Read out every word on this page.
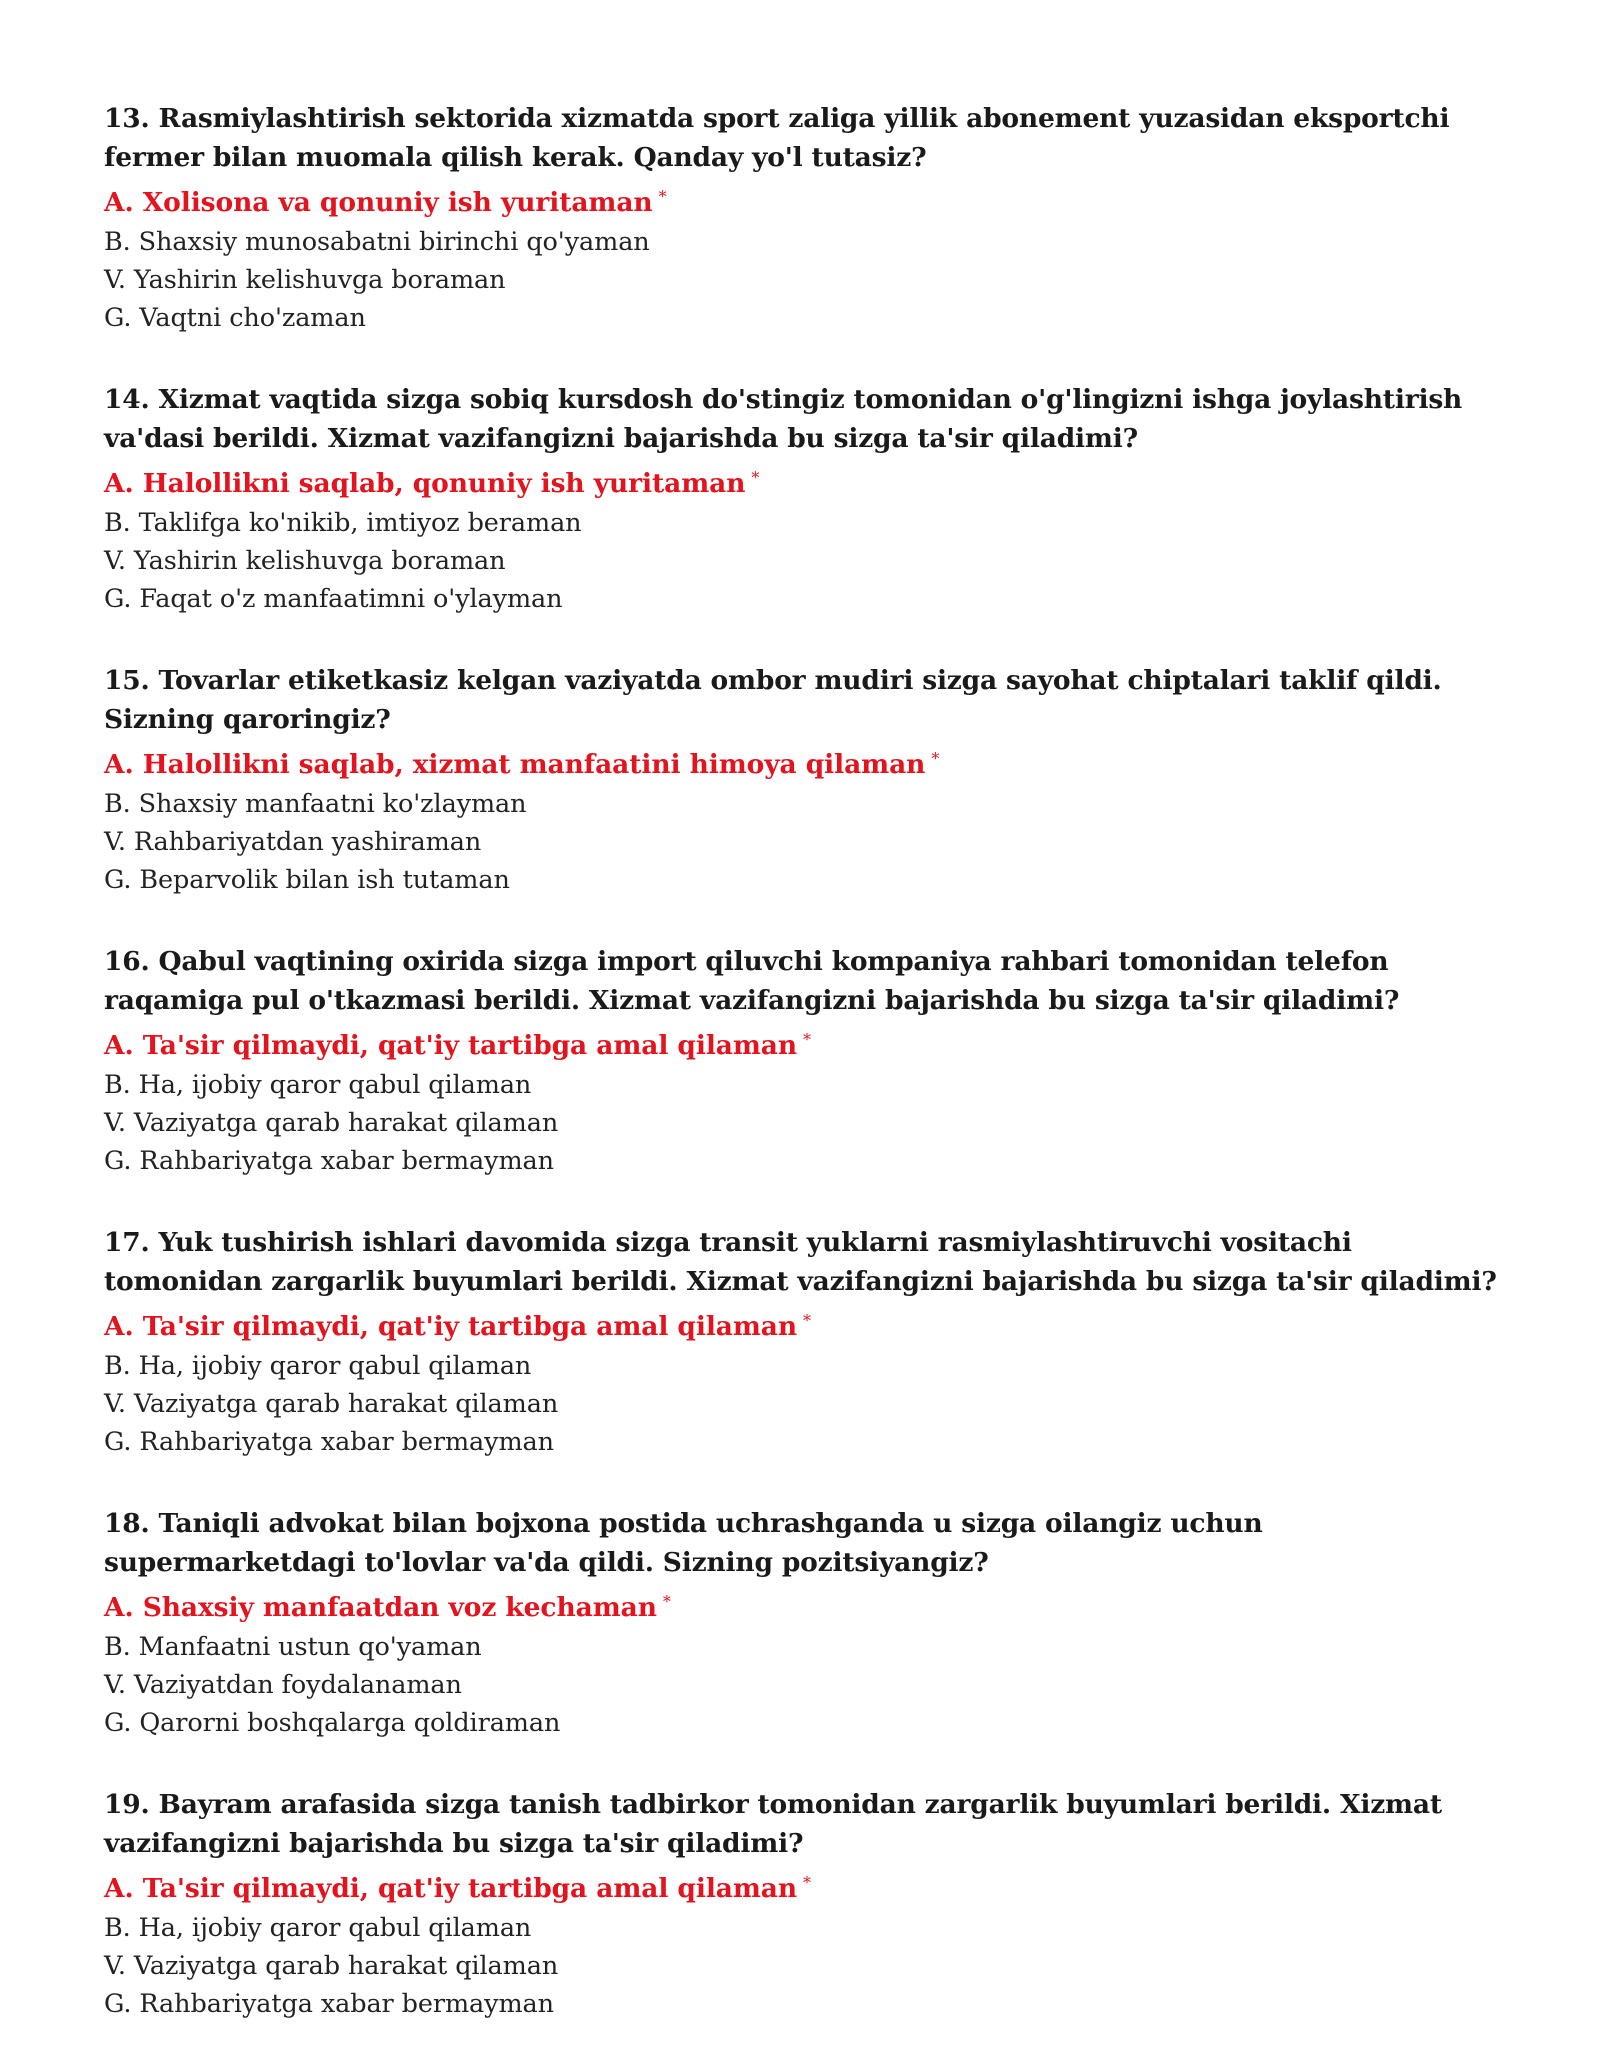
13. Rasmiylashtirish sektorida xizmatda sport zaliga yillik abonement yuzasidan eksportchi fermer bilan muomala qilish kerak. Qanday yo'l tutasiz?

A. Xolisona va qonuniy ish yuritaman *

B. Shaxsiy munosabatni birinchi qo'yaman

V. Yashirin kelishuvga boraman

G. Vaqtni cho'zaman

14. Xizmat vaqtida sizga sobiq kursdosh do'stingiz tomonidan o'g'lingizni ishga joylashtirish va'dasi berildi. Xizmat vazifangizni bajarishda bu sizga ta'sir qiladimi?

A. Halollikni saqlab, qonuniy ish yuritaman *

B. Taklifga ko'nikib, imtiyoz beraman

V. Yashirin kelishuvga boraman

G. Faqat o'z manfaatimni o'ylayman

15. Tovarlar etiketkasiz kelgan vaziyatda ombor mudiri sizga sayohat chiptalari taklif qildi. Sizning qaroringiz?

A. Halollikni saqlab, xizmat manfaatini himoya qilaman *

B. Shaxsiy manfaatni ko'zlayman

V. Rahbariyatdan yashiraman

G. Beparvolik bilan ish tutaman

16. Qabul vaqtining oxirida sizga import qiluvchi kompaniya rahbari tomonidan telefon raqamiga pul o'tkazmasi berildi. Xizmat vazifangizni bajarishda bu sizga ta'sir qiladimi?

A. Ta'sir qilmaydi, qat'iy tartibga amal qilaman *

B. Ha, ijobiy qaror qabul qilaman

V. Vaziyatga qarab harakat qilaman

G. Rahbariyatga xabar bermayman

17. Yuk tushirish ishlari davomida sizga transit yuklarni rasmiylashtiruvchi vositachi tomonidan zargarlik buyumlari berildi. Xizmat vazifangizni bajarishda bu sizga ta'sir qiladimi?

A. Ta'sir qilmaydi, qat'iy tartibga amal qilaman *

B. Ha, ijobiy qaror qabul qilaman

V. Vaziyatga qarab harakat qilaman

G. Rahbariyatga xabar bermayman

18. Taniqli advokat bilan bojxona postida uchrashganda u sizga oilangiz uchun supermarketdagi to'lovlar va'da qildi. Sizning pozitsiyangiz?

A. Shaxsiy manfaatdan voz kechaman *

B. Manfaatni ustun qo'yaman

V. Vaziyatdan foydalanaman

G. Qarorni boshqalarga qoldiraman

19. Bayram arafasida sizga tanish tadbirkor tomonidan zargarlik buyumlari berildi. Xizmat vazifangizni bajarishda bu sizga ta'sir qiladimi?

A. Ta'sir qilmaydi, qat'iy tartibga amal qilaman *

B. Ha, ijobiy qaror qabul qilaman

V. Vaziyatga qarab harakat qilaman

G. Rahbariyatga xabar bermayman
